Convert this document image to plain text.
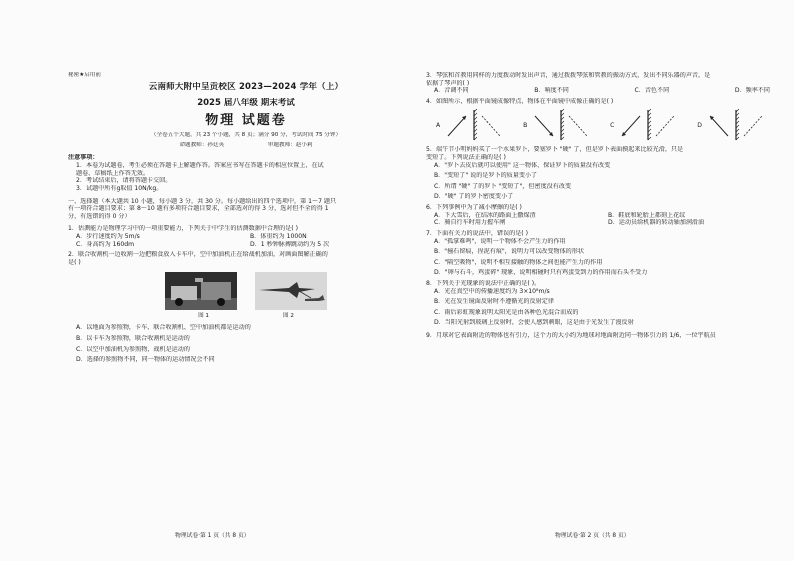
秘密★启用前
云南师大附中呈贡校区 2023—2024 学年（上）
2025 届八年级 期末考试
物理 试题卷
（全卷五个大题，共 23 个小题，共 8 页；满分 90 分，考试时间 75 分钟）
命题教师：孙廷英	审题教师：赵小莉
注意事项：
1．本卷为试题卷，考生必须在答题卡上解题作答。答案应书写在答题卡的相应位置上，在试
题卷、草稿纸上作答无效。
2．考试结束后，请将答题卡交回。
3．试题中所有g取值 10N/kg。
一、选择题（本大题共 10 小题，每小题 3 分，共 30 分。每小题给出的四个选项中，第 1～7 题只
有一项符合题目要求；第 8～10 题有多项符合题目要求，全部选对的得 3 分，选对但不全的得 1
分，有选错的得 0 分）
1．估测能力是物理学习中的一项重要能力，下列关于中学生的估测数据中合理的是( )
A．步行速度约为 5m/s	B．体重约为 1000N
C．身高约为 160dm	D．1 秒钟脉搏跳动约为 5 次
2．联合收割机一边收割一边把粮食放入卡车中，空中加油机正在给战机加油，对画面图解正确的
是( )
图 1	图 2
A．以地面为参照物，卡车、联合收割机、空中加油机都是运动的
B．以卡车为参照物，联合收割机是运动的
C．以空中加油机为参照物，战机是运动的
D．选择的参照物不同，同一物体的运动情况会不同
物理试卷·第 1 页（共 8 页）
3．琴弦和首教用同样的力度拨动时发出声音，通过拨拨琴弦和管教的振动方式，发出不同乐器的声音，是
依据了琴声的( )
A．音调不同	B．响度不同	C．音色不同	D．频率不同
4．如图所示，根据平面镜成像特点，物体在平面镜中成像正确的是( )
A	B	C	D
5．端午节小明妈妈买了一个水果罗卜，要塞罗卜 "硬" 了，但是罗卜表面摸起来比较光滑，只是
变短了。下列说法正确的是( )
A．"罗卜去皮后就可以使用" 这一物体，保证罗卜的质量没有改变
B．"变短了" 说的是罗卜的质量变小了
C．所谓 "硬" 了的罗卜 "变短了"，但密度没有改变
D．"硬" 了的罗卜密度变小了
6．下列事例中为了减小摩擦的是( )
A．下大雪后，在结冰的路面上撒煤渣	B．鞋底和轮胎上都刻上花纹
C．骑自行车时用力握车闸	D．运动员给机器的转动轴加润滑油
7．下面有关力的说法中，错误的是( )
A．"孤掌难鸣"，说明一个物体不会产生力的作用
B．"撞石留痕，捏泥有痕"，说明力可以改变物体的形状
C．"隔空吸物"，说明不相互接触的物体之间也能产生力的作用
D．"卵与石斗，鸡蛋碎" 现象，说明相碰时只有鸡蛋受到力的作用而石头不受力
8．下列关于光现象的说法中正确的是( )。
A．光在真空中的传播速度约为 3×10⁸m/s
B．光在发生镜面反射时不遵循光的反射定律
C．雨后彩虹现象说明太阳光是由各种色光混合而成的
D．当阳光射到玻璃上反射时，会使人感到刺眼，这是由于光发生了漫反射
9．月球对它表面附近的物体也有引力，这个力的大小约为地球对地面附近同一物体引力的 1/6，一位宇航员
物理试卷·第 2 页（共 8 页）
